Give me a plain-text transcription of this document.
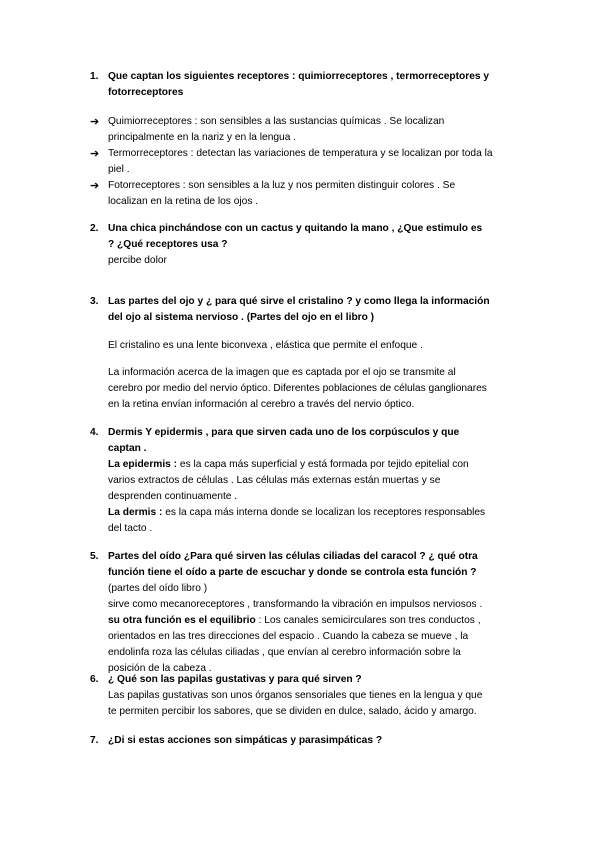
1. Que captan los siguientes receptores : quimiorreceptores , termorreceptores y

fotorreceptores

➔ Quimiorreceptores : son sensibles a las sustancias químicas . Se localizan

principalmente en la nariz y en la lengua .

➔ Termorreceptores : detectan las variaciones de temperatura y se localizan por toda la

piel .

➔ Fotorreceptores : son sensibles a la luz y nos permiten distinguir colores . Se

localizan en la retina de los ojos .

2. Una chica pinchándose con un cactus y quitando la mano , ¿Que estimulo es

? ¿Qué receptores usa ?

percibe dolor
3. Las partes del ojo y ¿ para qué sirve el cristalino ? y como llega la información

del ojo al sistema nervioso . (Partes del ojo en el libro )

El cristalino es una lente biconvexa , elástica que permite el enfoque .

La información acerca de la imagen que es captada por el ojo se transmite al

cerebro por medio del nervio óptico. Diferentes poblaciones de células ganglionares

en la retina envían información al cerebro a través del nervio óptico.

4. Dermis Y epidermis , para que sirven cada uno de los corpúsculos y que

captan .

La epidermis : es la capa más superficial y está formada por tejido epitelial con

varios extractos de células . Las células más externas están muertas y se

desprenden continuamente .

La dermis : es la capa más interna donde se localizan los receptores responsables

del tacto .

5. Partes del oído ¿Para qué sirven las células ciliadas del caracol ? ¿ qué otra

función tiene el oído a parte de escuchar y donde se controla esta función ?

(partes del oído libro )

sirve como mecanoreceptores , transformando la vibración en impulsos nerviosos .

su otra función es el equilibrio : Los canales semicirculares son tres conductos ,

orientados en las tres direcciones del espacio . Cuando la cabeza se mueve , la

endolinfa roza las células ciliadas , que envían al cerebro información sobre la

posición de la cabeza .

6. ¿ Qué son las papilas gustativas y para qué sirven ?

Las papilas gustativas son unos órganos sensoriales que tienes en la lengua y que

te permiten percibir los sabores, que se dividen en dulce, salado, ácido y amargo.

7. ¿Di si estas acciones son simpáticas y parasimpáticas ?
